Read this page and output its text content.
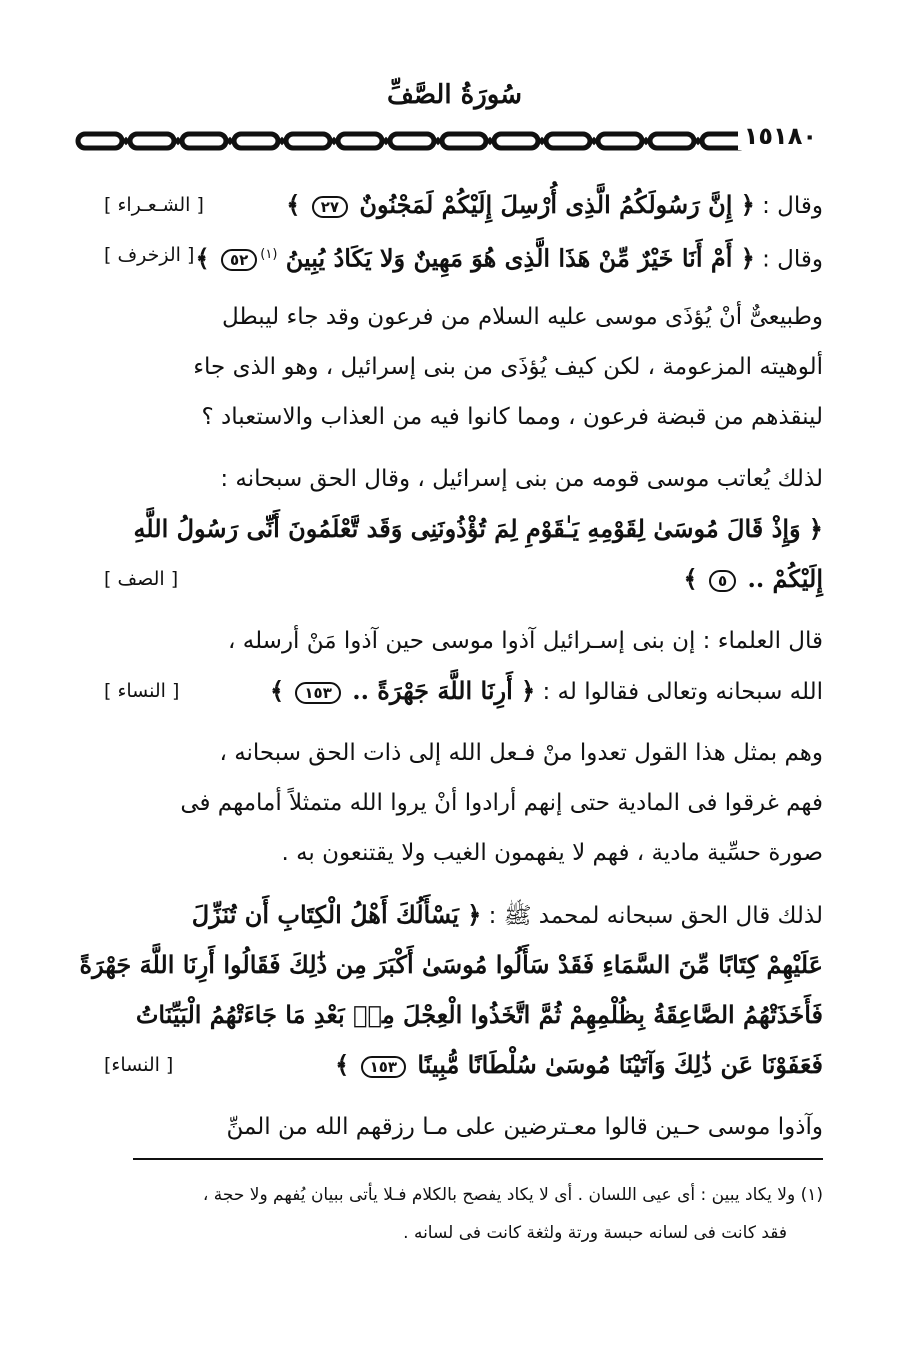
سُورَةُ الصَّفِّ
١٥١٨٠
وقال : ﴿ إِنَّ رَسُولَكُمُ الَّذِى أُرْسِلَ إِلَيْكُمْ لَمَجْنُونٌ ٢٧ ﴾
[ الشـعـراء ]
وقال : ﴿ أَمْ أَنَا خَيْرٌ مِّنْ هَذَا الَّذِى هُوَ مَهِينٌ وَلا يَكَادُ يُبِينُ $^{(١)}$٥٢ ﴾
[ الزخرف ]
وطبيعىٌّ أنْ يُؤذَى موسى عليه السلام من فرعون وقد جاء ليبطل
ألوهيته المزعومة ، لكن كيف يُؤذَى من بنى إسرائيل ، وهو الذى جاء
لينقذهم من قبضة فرعون ، ومما كانوا فيه من العذاب والاستعباد ؟
لذلك يُعاتب موسى قومه من بنى إسرائيل ، وقال الحق سبحانه :
﴿ وَإِذْ قَالَ مُوسَىٰ لِقَوْمِهِ يَـٰقَوْمِ لِمَ تُؤْذُونَنِى وَقَد تَّعْلَمُونَ أَنِّى رَسُولُ اللَّهِ
إِلَيْكُمْ .. ٥ ﴾
[ الصف ]
قال العلماء : إن بنى إسـرائيل آذوا موسى حين آذوا مَنْ أرسله ،
الله سبحانه وتعالى فقالوا له : ﴿ أَرِنَا اللَّهَ جَهْرَةً .. ١٥٣ ﴾
[ النساء ]
وهم بمثل هذا القول تعدوا منْ فـعل الله إلى ذات الحق سبحانه ،
فهم غرقوا فى المادية حتى إنهم أرادوا أنْ يروا الله متمثلاً أمامهم فى
صورة حسِّية مادية ، فهم لا يفهمون الغيب ولا يقتنعون به .
لذلك قال الحق سبحانه لمحمد ﷺ : ﴿ يَسْأَلُكَ أَهْلُ الْكِتَابِ أَن تُنَزِّلَ
عَلَيْهِمْ كِتَابًا مِّنَ السَّمَاءِ فَقَدْ سَأَلُوا مُوسَىٰ أَكْبَرَ مِن ذَٰلِكَ فَقَالُوا أَرِنَا اللَّهَ جَهْرَةً
فَأَخَذَتْهُمُ الصَّاعِقَةُ بِظُلْمِهِمْ ثُمَّ اتَّخَذُوا الْعِجْلَ مِنۢ بَعْدِ مَا جَاءَتْهُمُ الْبَيِّنَاتُ
فَعَفَوْنَا عَن ذَٰلِكَ وَآتَيْنَا مُوسَىٰ سُلْطَانًا مُّبِينًا ١٥٣ ﴾
[ النساء]
وآذوا موسى حـين قالوا معـترضين على مـا رزقهم الله من المنِّ
(١) ولا يكاد يبين : أى عيى اللسان . أى لا يكاد يفصح بالكلام فـلا يأتى ببيان يُفهم ولا حجة ،
فقد كانت فى لسانه حبسة ورتة ولثغة كانت فى لسانه .
